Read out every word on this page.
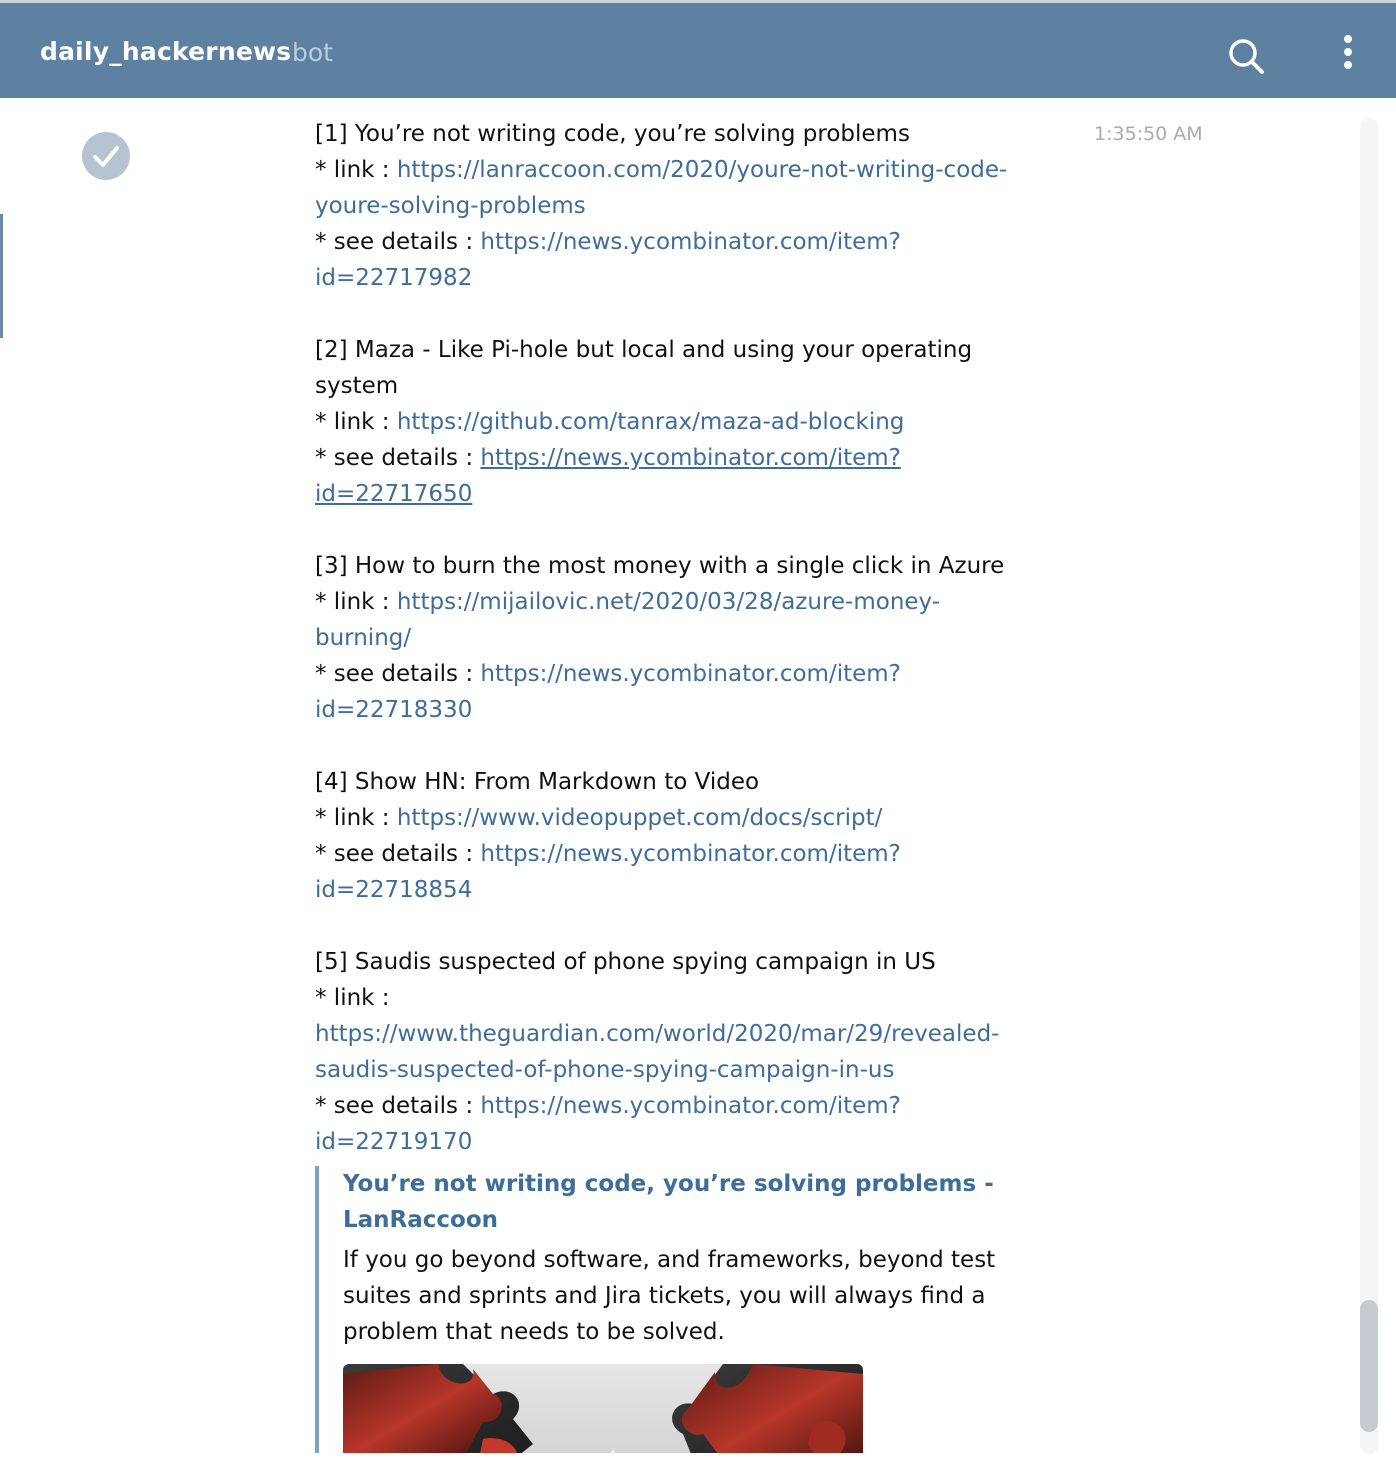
daily_hackernews bot
1:35:50 AM
[1] You’re not writing code, you’re solving problems
* link : https://lanraccoon.com/2020/youre-not-writing-code-
youre-solving-problems
* see details : https://news.ycombinator.com/item?
id=22717982
[2] Maza - Like Pi-hole but local and using your operating
system
* link : https://github.com/tanrax/maza-ad-blocking
* see details : https://news.ycombinator.com/item?
id=22717650
[3] How to burn the most money with a single click in Azure
* link : https://mijailovic.net/2020/03/28/azure-money-
burning/
* see details : https://news.ycombinator.com/item?
id=22718330
[4] Show HN: From Markdown to Video
* link : https://www.videopuppet.com/docs/script/
* see details : https://news.ycombinator.com/item?
id=22718854
[5] Saudis suspected of phone spying campaign in US
* link :
https://www.theguardian.com/world/2020/mar/29/revealed-
saudis-suspected-of-phone-spying-campaign-in-us
* see details : https://news.ycombinator.com/item?
id=22719170
You’re not writing code, you’re solving problems -
LanRaccoon
If you go beyond software, and frameworks, beyond test
suites and sprints and Jira tickets, you will always find a
problem that needs to be solved.
